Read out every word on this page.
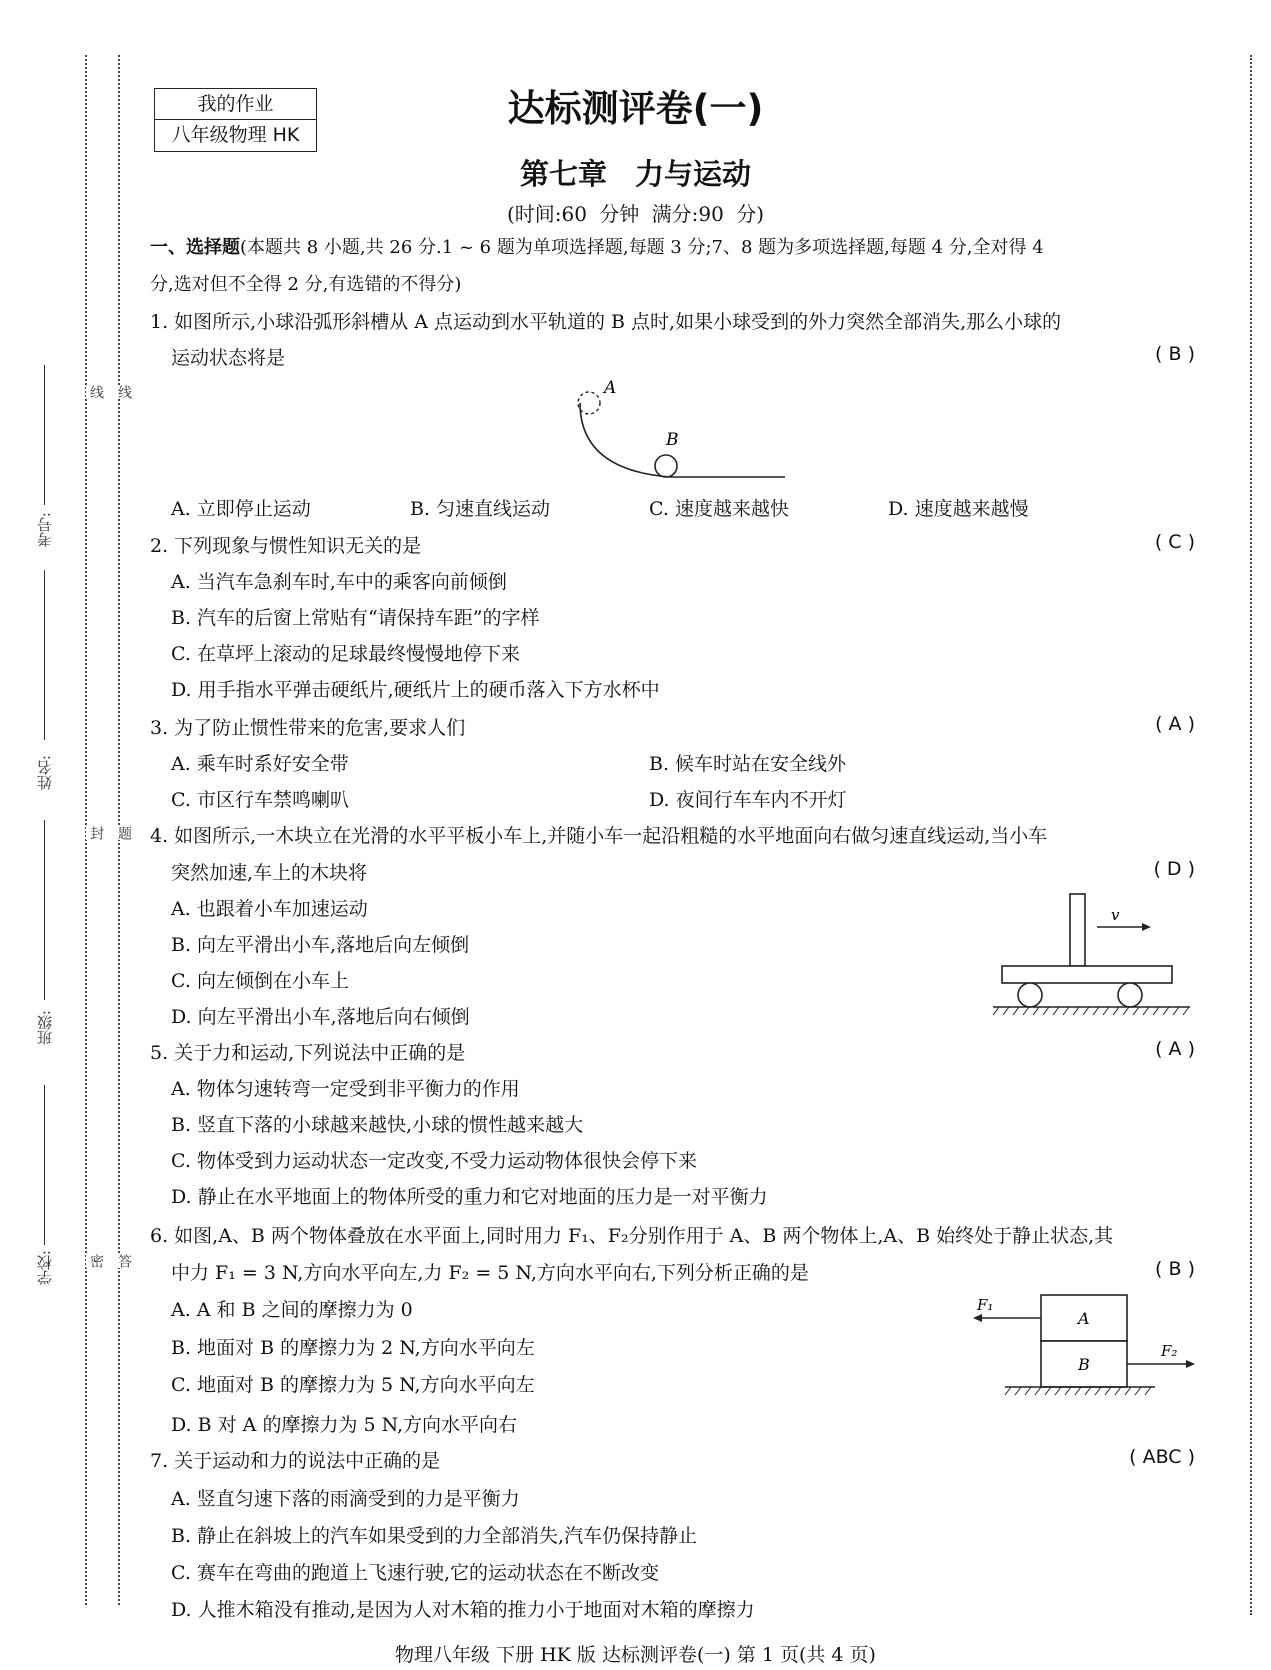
考号:
姓名:
班级:
学校:
线
封
密
线
题
答
我的作业
八年级物理 HK
达标测评卷(一)
第七章 力与运动
(时间:60 分钟 满分:90 分)
一、选择题(本题共 8 小题,共 26 分.1 ~ 6 题为单项选择题,每题 3 分;7、8 题为多项选择题,每题 4 分,全对得 4
分,选对但不全得 2 分,有选错的不得分)
1. 如图所示,小球沿弧形斜槽从 A 点运动到水平轨道的 B 点时,如果小球受到的外力突然全部消失,那么小球的
运动状态将是	( B )
A
B
A. 立即停止运动	B. 匀速直线运动	C. 速度越来越快	D. 速度越来越慢
2. 下列现象与惯性知识无关的是	( C )
A. 当汽车急刹车时,车中的乘客向前倾倒
B. 汽车的后窗上常贴有“请保持车距”的字样
C. 在草坪上滚动的足球最终慢慢地停下来
D. 用手指水平弹击硬纸片,硬纸片上的硬币落入下方水杯中
3. 为了防止惯性带来的危害,要求人们	( A )
A. 乘车时系好安全带	B. 候车时站在安全线外
C. 市区行车禁鸣喇叭	D. 夜间行车车内不开灯
4. 如图所示,一木块立在光滑的水平平板小车上,并随小车一起沿粗糙的水平地面向右做匀速直线运动,当小车
突然加速,车上的木块将	( D )
A. 也跟着小车加速运动
B. 向左平滑出小车,落地后向左倾倒
C. 向左倾倒在小车上
D. 向左平滑出小车,落地后向右倾倒
v
5. 关于力和运动,下列说法中正确的是	( A )
A. 物体匀速转弯一定受到非平衡力的作用
B. 竖直下落的小球越来越快,小球的惯性越来越大
C. 物体受到力运动状态一定改变,不受力运动物体很快会停下来
D. 静止在水平地面上的物体所受的重力和它对地面的压力是一对平衡力
6. 如图,A、B 两个物体叠放在水平面上,同时用力 F₁、F₂分别作用于 A、B 两个物体上,A、B 始终处于静止状态,其
中力 F₁ = 3 N,方向水平向左,力 F₂ = 5 N,方向水平向右,下列分析正确的是	( B )
A. A 和 B 之间的摩擦力为 0
B. 地面对 B 的摩擦力为 2 N,方向水平向左
C. 地面对 B 的摩擦力为 5 N,方向水平向左
D. B 对 A 的摩擦力为 5 N,方向水平向右
F₁
F₂
A
B
7. 关于运动和力的说法中正确的是	( ABC )
A. 竖直匀速下落的雨滴受到的力是平衡力
B. 静止在斜坡上的汽车如果受到的力全部消失,汽车仍保持静止
C. 赛车在弯曲的跑道上飞速行驶,它的运动状态在不断改变
D. 人推木箱没有推动,是因为人对木箱的推力小于地面对木箱的摩擦力
物理八年级 下册 HK 版 达标测评卷(一) 第 1 页(共 4 页)
